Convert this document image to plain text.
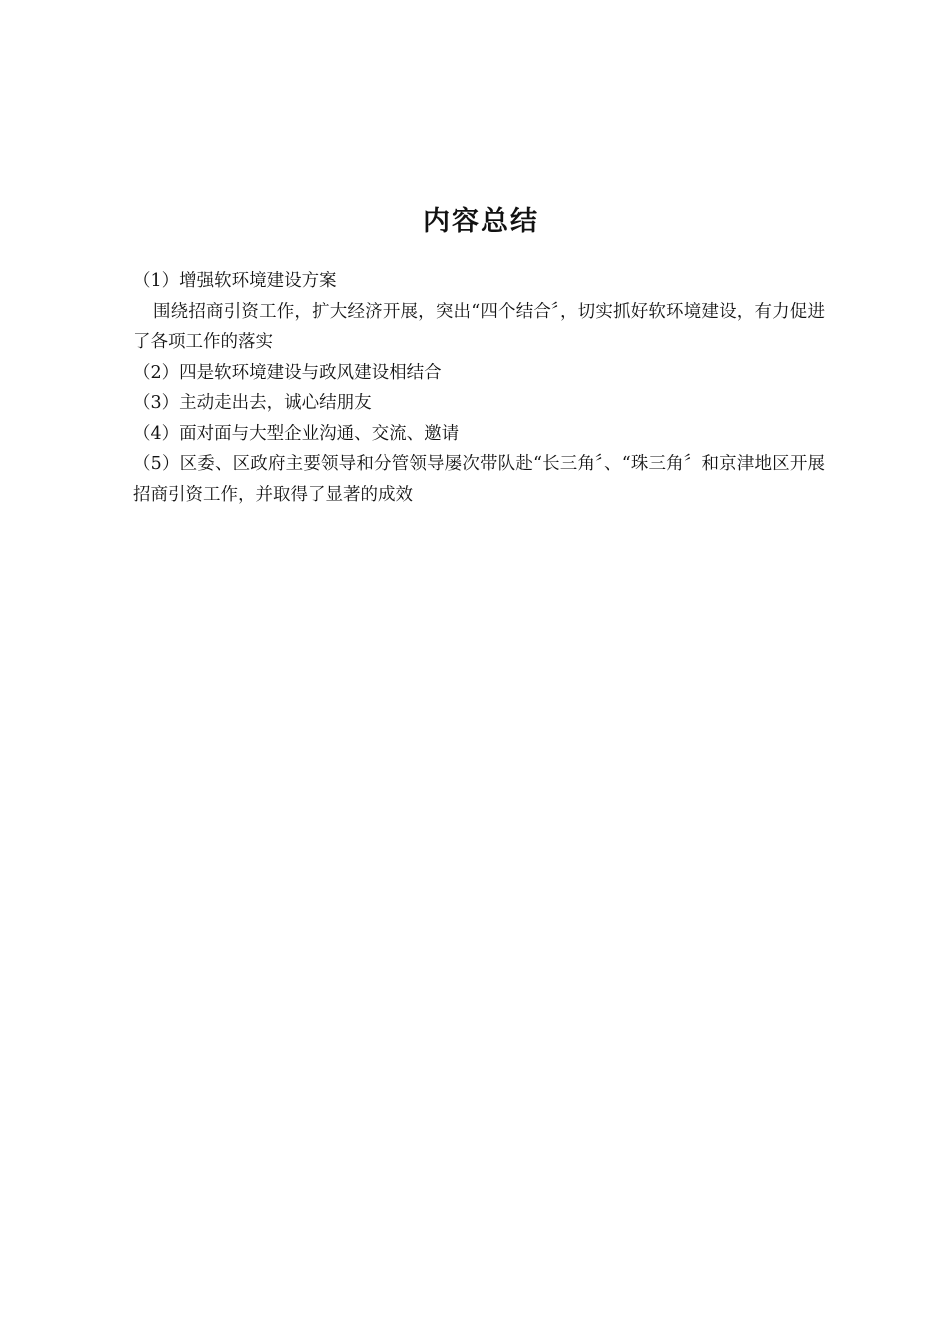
内容总结

（1）增强软环境建设方案

围绕招商引资工作，扩大经济开展，突出“四个结合〞，切实抓好软环境建设，有力促进了各项工作的落实

（2）四是软环境建设与政风建设相结合

（3）主动走出去，诚心结朋友

（4）面对面与大型企业沟通、交流、邀请

（5）区委、区政府主要领导和分管领导屡次带队赴“长三角〞、“珠三角〞和京津地区开展招商引资工作，并取得了显著的成效
